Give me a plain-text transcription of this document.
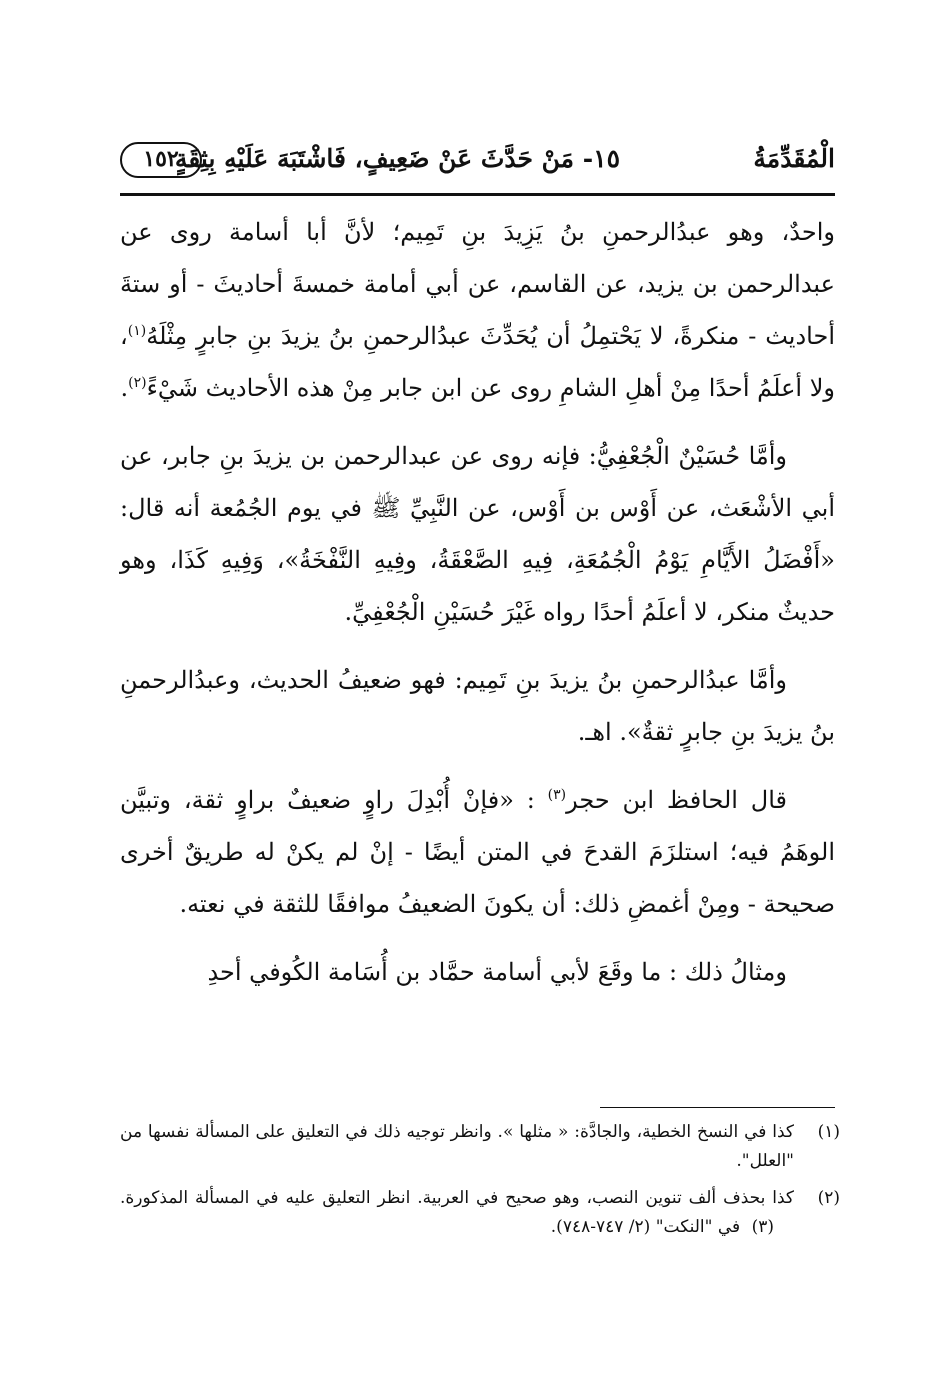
الْمُقَدِّمَةُ
١٥- مَنْ حَدَّثَ عَنْ ضَعِيفٍ، فَاشْتَبَهَ عَلَيْهِ بِثِقَةٍ
١٥٢

واحدٌ، وهو عبدُالرحمنِ بنُ يَزِيدَ بنِ تَمِيم؛ لأنَّ أبا أسامة روى عن عبدالرحمن بن يزيد، عن القاسم، عن أبي أمامة خمسةَ أحاديثَ - أو ستةَ أحاديث - منكرةً، لا يَحْتمِلُ أن يُحَدِّثَ عبدُالرحمنِ بنُ يزيدَ بنِ جابرٍ مِثْلَهُ$^{(١)}$، ولا أعلَمُ أحدًا مِنْ أهلِ الشامِ روى عن ابن جابر مِنْ هذه الأحاديث شَيْءً$^{(٢)}$.

وأمَّا حُسَيْنٌ الْجُعْفِيُّ: فإنه روى عن عبدالرحمن بن يزيدَ بنِ جابر، عن أبي الأشْعَث، عن أَوْس بن أَوْس، عن النَّبِيِّ ﷺ في يوم الجُمُعة أنه قال: «أَفْضَلُ الأَيَّامِ يَوْمُ الْجُمُعَةِ، فِيهِ الصَّعْقَةُ، وفِيهِ النَّفْخَةُ»، وَفِيهِ كَذَا، وهو حديثٌ منكر، لا أعلَمُ أحدًا رواه غَيْرَ حُسَيْنِ الْجُعْفِيِّ.

وأمَّا عبدُالرحمنِ بنُ يزيدَ بنِ تَمِيم: فهو ضعيفُ الحديث، وعبدُالرحمنِ بنُ يزيدَ بنِ جابرٍ ثقةٌ». اهـ.

قال الحافظ ابن حجر$^{(٣)}$ : «فإنْ أُبْدِلَ راوٍ ضعيفٌ براوٍ ثقة، وتبيَّن الوهَمُ فيه؛ استلزَمَ القدحَ في المتن أيضًا - إنْ لم يكنْ له طريقٌ أخرى صحيحة - ومِنْ أغمضِ ذلك: أن يكونَ الضعيفُ موافقًا للثقة في نعته.

ومثالُ ذلك : ما وقَعَ لأبي أسامة حمَّاد بن أُسَامة الكُوفي أحدِ

(١)
كذا في النسخ الخطية، والجادَّة: « مثلها ». وانظر توجيه ذلك في التعليق على المسألة نفسها من "العلل".
(٢)
كذا بحذف ألف تنوين النصب، وهو صحيح في العربية. انظر التعليق عليه في المسألة المذكورة. (٣) في "النكت" (٢/ ٧٤٧-٧٤٨).
